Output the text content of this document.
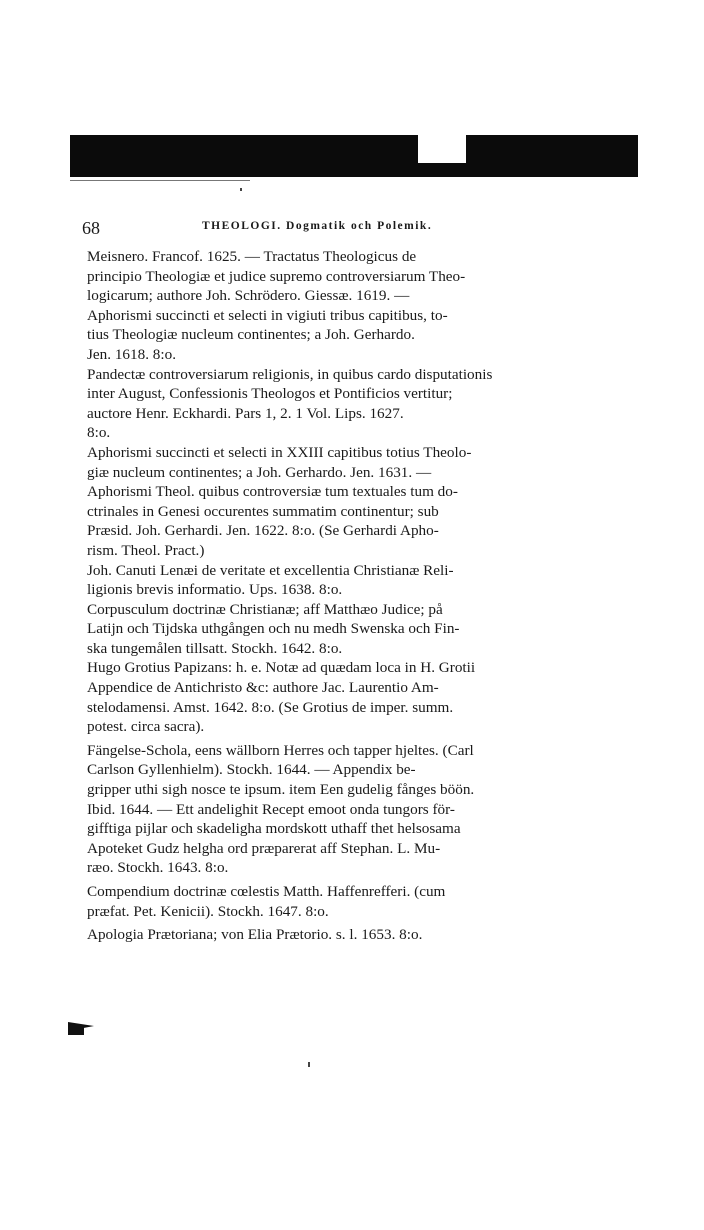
68	THEOLOGI. Dogmatik och Polemik.
Meisnero. Francof. 1625. — Tractatus Theologicus de
principio Theologiæ et judice supremo controversiarum Theo-
logicarum; authore Joh. Schrödero. Giessæ. 1619. —
Aphorismi succincti et selecti in vigiuti tribus capitibus, to-
tius Theologiæ nucleum continentes; a Joh. Gerhardo.
Jen. 1618. 8:o.
Pandectæ controversiarum religionis, in quibus cardo disputationis
inter August, Confessionis Theologos et Pontificios vertitur;
auctore Henr. Eckhardi. Pars 1, 2. 1 Vol. Lips. 1627.
8:o.
Aphorismi succincti et selecti in XXIII capitibus totius Theolo-
giæ nucleum continentes; a Joh. Gerhardo. Jen. 1631. —
Aphorismi Theol. quibus controversiæ tum textuales tum do-
ctrinales in Genesi occurentes summatim continentur; sub
Præsid. Joh. Gerhardi. Jen. 1622. 8:o. (Se Gerhardi Apho-
rism. Theol. Pract.)
Joh. Canuti Lenæi de veritate et excellentia Christianæ Reli-
ligionis brevis informatio. Ups. 1638. 8:o.
Corpusculum doctrinæ Christianæ; aff Matthæo Judice; på
Latijn och Tijdska uthgången och nu medh Swenska och Fin-
ska tungemålen tillsatt. Stockh. 1642. 8:o.
Hugo Grotius Papizans: h. e. Notæ ad quædam loca in H. Grotii
Appendice de Antichristo &c: authore Jac. Laurentio Am-
stelodamensi. Amst. 1642. 8:o. (Se Grotius de imper. summ.
potest. circa sacra).
Fängelse-Schola, eens wällborn Herres och tapper hjeltes. (Carl
Carlson Gyllenhielm). Stockh. 1644. — Appendix be-
gripper uthi sigh nosce te ipsum. item Een gudelig fånges böön.
Ibid. 1644. — Ett andelighit Recept emoot onda tungors för-
gifftiga pijlar och skadeligha mordskott uthaff thet helsosama
Apoteket Gudz helgha ord præparerat aff Stephan. L. Mu-
ræo. Stockh. 1643. 8:o.
Compendium doctrinæ cœlestis Matth. Haffenrefferi. (cum
præfat. Pet. Kenicii). Stockh. 1647. 8:o.
Apologia Prætoriana; von Elia Prætorio. s. l. 1653. 8:o.
